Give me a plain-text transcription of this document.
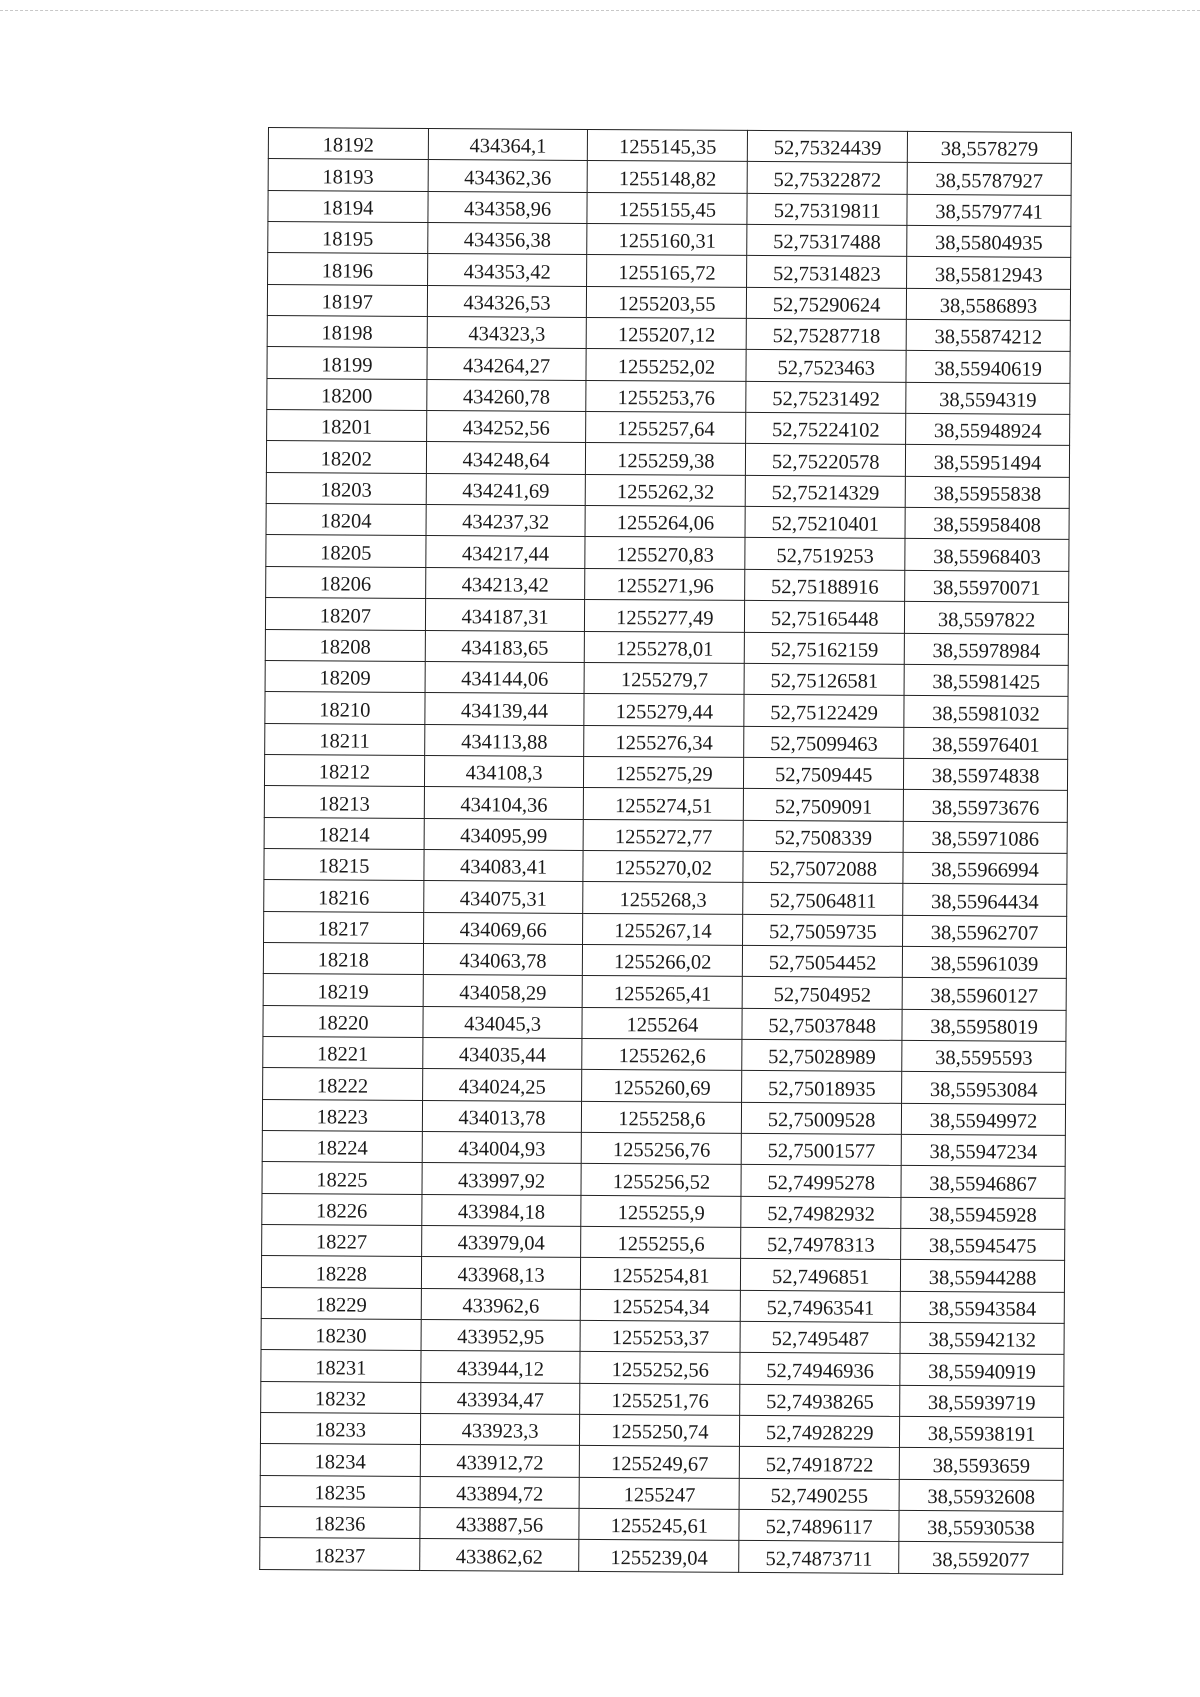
18192	434364,1	1255145,35	52,75324439	38,5578279
18193	434362,36	1255148,82	52,75322872	38,55787927
18194	434358,96	1255155,45	52,75319811	38,55797741
18195	434356,38	1255160,31	52,75317488	38,55804935
18196	434353,42	1255165,72	52,75314823	38,55812943
18197	434326,53	1255203,55	52,75290624	38,5586893
18198	434323,3	1255207,12	52,75287718	38,55874212
18199	434264,27	1255252,02	52,7523463	38,55940619
18200	434260,78	1255253,76	52,75231492	38,5594319
18201	434252,56	1255257,64	52,75224102	38,55948924
18202	434248,64	1255259,38	52,75220578	38,55951494
18203	434241,69	1255262,32	52,75214329	38,55955838
18204	434237,32	1255264,06	52,75210401	38,55958408
18205	434217,44	1255270,83	52,7519253	38,55968403
18206	434213,42	1255271,96	52,75188916	38,55970071
18207	434187,31	1255277,49	52,75165448	38,5597822
18208	434183,65	1255278,01	52,75162159	38,55978984
18209	434144,06	1255279,7	52,75126581	38,55981425
18210	434139,44	1255279,44	52,75122429	38,55981032
18211	434113,88	1255276,34	52,75099463	38,55976401
18212	434108,3	1255275,29	52,7509445	38,55974838
18213	434104,36	1255274,51	52,7509091	38,55973676
18214	434095,99	1255272,77	52,7508339	38,55971086
18215	434083,41	1255270,02	52,75072088	38,55966994
18216	434075,31	1255268,3	52,75064811	38,55964434
18217	434069,66	1255267,14	52,75059735	38,55962707
18218	434063,78	1255266,02	52,75054452	38,55961039
18219	434058,29	1255265,41	52,7504952	38,55960127
18220	434045,3	1255264	52,75037848	38,55958019
18221	434035,44	1255262,6	52,75028989	38,5595593
18222	434024,25	1255260,69	52,75018935	38,55953084
18223	434013,78	1255258,6	52,75009528	38,55949972
18224	434004,93	1255256,76	52,75001577	38,55947234
18225	433997,92	1255256,52	52,74995278	38,55946867
18226	433984,18	1255255,9	52,74982932	38,55945928
18227	433979,04	1255255,6	52,74978313	38,55945475
18228	433968,13	1255254,81	52,7496851	38,55944288
18229	433962,6	1255254,34	52,74963541	38,55943584
18230	433952,95	1255253,37	52,7495487	38,55942132
18231	433944,12	1255252,56	52,74946936	38,55940919
18232	433934,47	1255251,76	52,74938265	38,55939719
18233	433923,3	1255250,74	52,74928229	38,55938191
18234	433912,72	1255249,67	52,74918722	38,5593659
18235	433894,72	1255247	52,7490255	38,55932608
18236	433887,56	1255245,61	52,74896117	38,55930538
18237	433862,62	1255239,04	52,74873711	38,5592077
